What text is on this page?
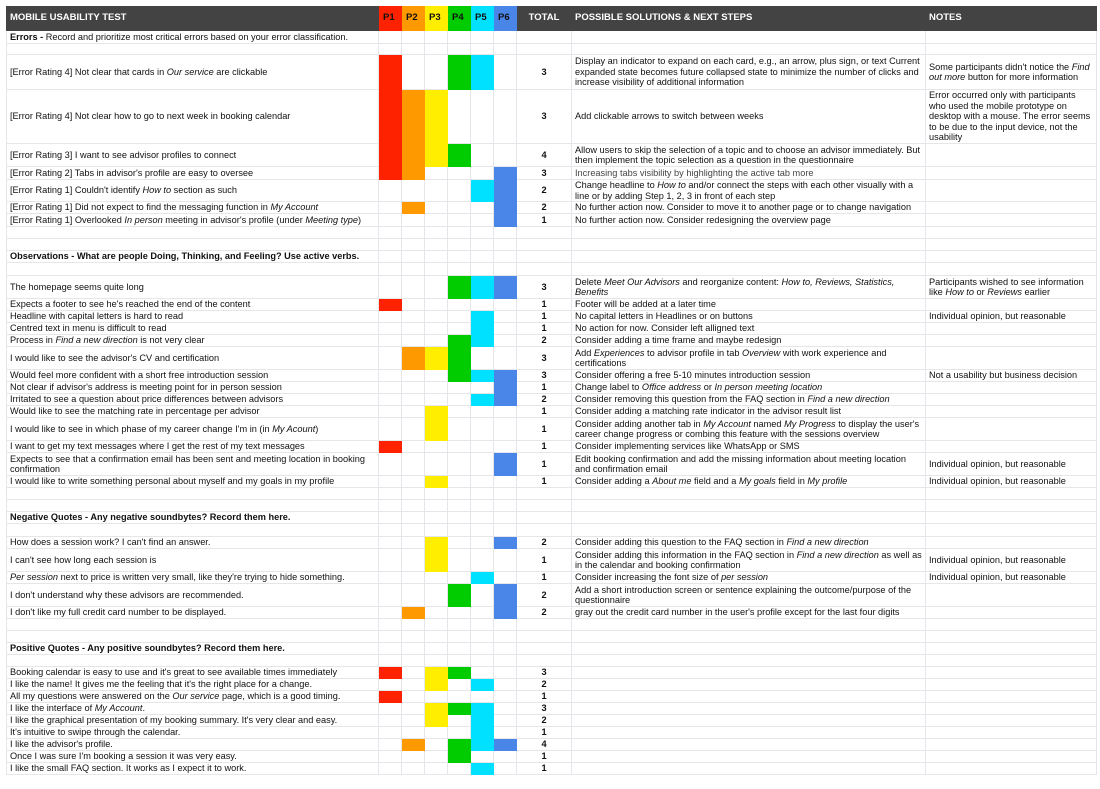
MOBILE USABILITY TEST	P1	P2	P3	P4	P5	P6	TOTAL	POSSIBLE SOLUTIONS & NEXT STEPS	NOTES
Errors - Record and prioritize most critical errors based on your error classification.									

[Error Rating 4] Not clear that cards in Our service are clickable							3	Display an indicator to expand on each card, e.g., an arrow, plus sign, or text Current expanded state becomes future collapsed state to minimize the number of clicks and increase visibility of additional information	Some participants didn't notice the Find out more button for more information
[Error Rating 4] Not clear how to go to next week in booking calendar							3	Add clickable arrows to switch between weeks	Error occurred only with participants who used the mobile prototype on desktop with a mouse. The error seems to be due to the input device, not the usability
[Error Rating 3] I want to see advisor profiles to connect							4	Allow users to skip the selection of a topic and to choose an advisor immediately. But then implement the topic selection as a question in the questionnaire	
[Error Rating 2] Tabs in advisor's profile are easy to oversee							3	Increasing tabs visibility by highlighting the active tab more	
[Error Rating 1] Couldn't identify How to section as such							2	Change headline to How to and/or connect the steps with each other visually with a line or by adding Step 1, 2, 3 in front of each step	
[Error Rating 1] Did not expect to find the messaging function in My Account							2	No further action now. Consider to move it to another page or to change navigation	
[Error Rating 1] Overlooked In person meeting in advisor's profile (under Meeting type)							1	No further action now. Consider redesigning the overview page	

Observations - What are people Doing, Thinking, and Feeling? Use active verbs.									

The homepage seems quite long							3	Delete Meet Our Advisors and reorganize content: How to, Reviews, Statistics, Benefits	Participants wished to see information like How to or Reviews earlier
Expects a footer to see he's reached the end of the content							1	Footer will be added at a later time	
Headline with capital letters is hard to read							1	No capital letters in Headlines or on buttons	Individual opinion, but reasonable
Centred text in menu is difficult to read							1	No action for now. Consider left alligned text	
Process in Find a new direction is not very clear							2	Consider adding a time frame and maybe redesign	
I would like to see the advisor's CV and certification							3	Add Experiences to advisor profile in tab Overview with work experience and certifications	
Would feel more confident with a short free introduction session							3	Consider offering a free 5-10 minutes introduction session	Not a usability but business decision
Not clear if advisor's address is meeting point for in person session							1	Change label to Office address or In person meeting location	
Irritated to see a question about price differences between advisors							2	Consider removing this question from the FAQ section in Find a new direction	
Would like to see the matching rate in percentage per advisor							1	Consider adding a matching rate indicator in the advisor result list	
I would like to see in which phase of my career change I'm in (in My Acount)							1	Consider adding another tab in My Account named My Progress to display the user's career change progress or combing this feature with the sessions overview	
I want to get my text messages where I get the rest of my text messages							1	Consider implementing services like WhatsApp or SMS	
Expects to see that a confirmation email has been sent and meeting location in booking confirmation							1	Edit booking confirmation and add the missing information about meeting location and confirmation email	Individual opinion, but reasonable
I would like to write something personal about myself and my goals in my profile							1	Consider adding a About me field and a My goals field in My profile	Individual opinion, but reasonable

Negative Quotes - Any negative soundbytes? Record them here.									

How does a session work? I can't find an answer.							2	Consider adding this question to the FAQ section in Find a new direction	
I can't see how long each session is							1	Consider adding this information in the FAQ section in Find a new direction as well as in the calendar and booking confirmation	Individual opinion, but reasonable
Per session next to price is written very small, like they're trying to hide something.							1	Consider increasing the font size of per session	Individual opinion, but reasonable
I don't understand why these advisors are recommended.							2	Add a short introduction screen or sentence explaining the outcome/purpose of the questionnaire	
I don't like my full credit card number to be displayed.							2	gray out the credit card number in the user's profile except for the last four digits	

Positive Quotes - Any positive soundbytes? Record them here.									

Booking calendar is easy to use and it's great to see available times immediately							3		
I like the name! It gives me the feeling that it's the right place for a change.							2		
All my questions were answered on the Our service page, which is a good timing.							1		
I like the interface of My Account.							3		
I like the graphical presentation of my booking summary. It's very clear and easy.							2		
It's intuitive to swipe through the calendar.							1		
I like the advisor's profile.							4		
Once I was sure I'm booking a session it was very easy.							1		
I like the small FAQ section. It works as I expect it to work.							1		
